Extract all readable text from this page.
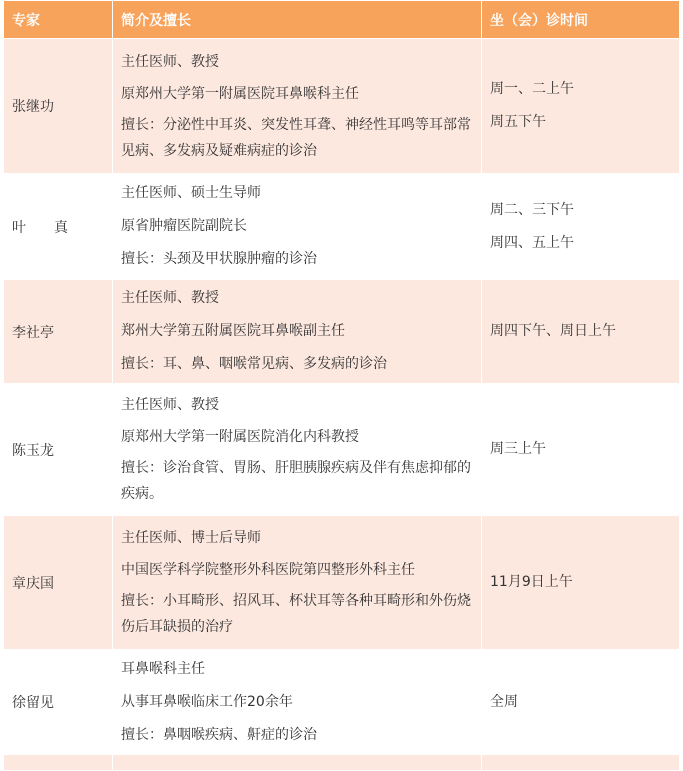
专家	简介及擅长	坐（会）诊时间
张继功	主任医师、教授
原郑州大学第一附属医院耳鼻喉科主任
擅长：分泌性中耳炎、突发性耳聋、神经性耳鸣等耳部常见病、多发病及疑难病症的诊治	周一、二上午
周五下午

叶　　真	主任医师、硕士生导师
原省肿瘤医院副院长
擅长：头颈及甲状腺肿瘤的诊治	周二、三下午
周四、五上午

李社亭	主任医师、教授
郑州大学第五附属医院耳鼻喉副主任
擅长：耳、鼻、咽喉常见病、多发病的诊治	周四下午、周日上午

陈玉龙	主任医师、教授
原郑州大学第一附属医院消化内科教授
擅长：诊治食管、胃肠、肝胆胰腺疾病及伴有焦虑抑郁的疾病。	周三上午

章庆国	主任医师、博士后导师
中国医学科学院整形外科医院第四整形外科主任
擅长：小耳畸形、招风耳、杯状耳等各种耳畸形和外伤烧伤后耳缺损的治疗	11月9日上午

徐留见	耳鼻喉科主任
从事耳鼻喉临床工作20余年
擅长：鼻咽喉疾病、鼾症的诊治	全周
